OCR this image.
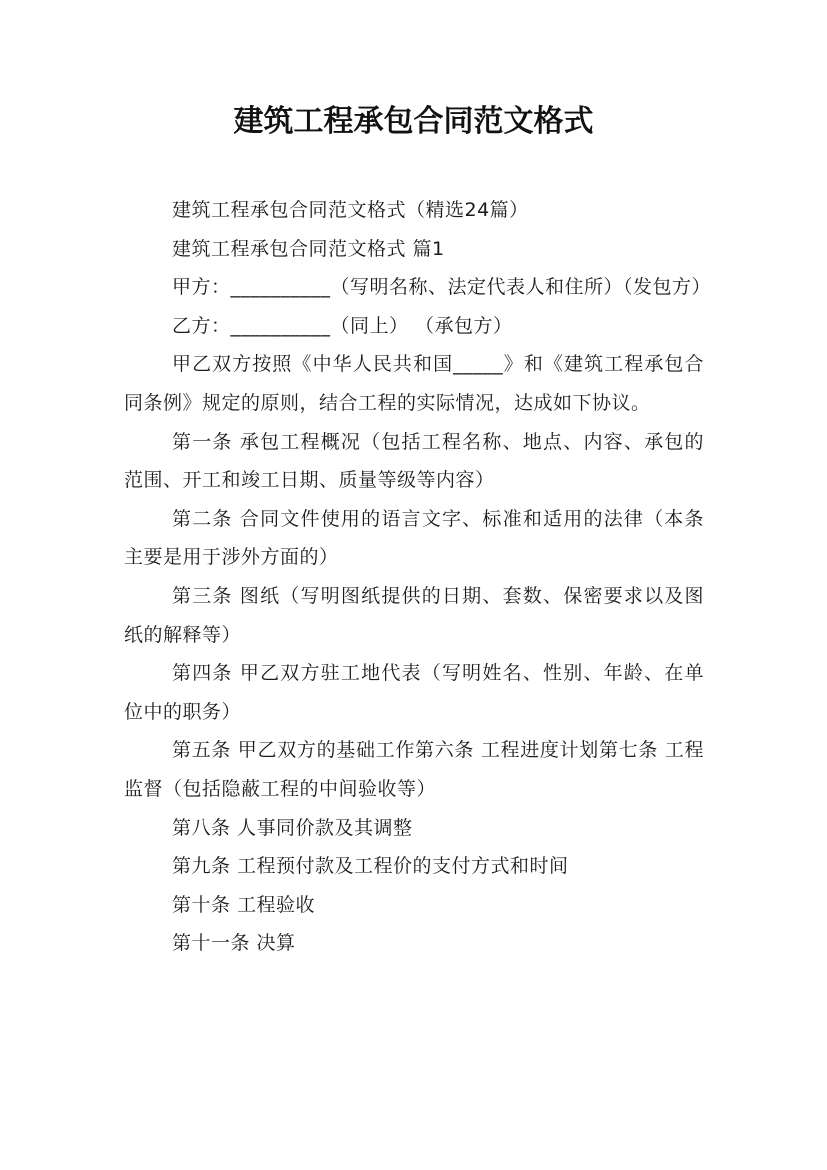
建筑工程承包合同范文格式

建筑工程承包合同范文格式（精选24篇）

建筑工程承包合同范文格式 篇1

甲方：__________（写明名称、法定代表人和住所）（发包方）

乙方：__________（同上） （承包方）

甲乙双方按照《中华人民共和国_____》和《建筑工程承包合同条例》规定的原则，结合工程的实际情况，达成如下协议。

第一条 承包工程概况（包括工程名称、地点、内容、承包的范围、开工和竣工日期、质量等级等内容）

第二条 合同文件使用的语言文字、标准和适用的法律（本条主要是用于涉外方面的）

第三条 图纸（写明图纸提供的日期、套数、保密要求以及图纸的解释等）

第四条 甲乙双方驻工地代表（写明姓名、性别、年龄、在单位中的职务）

第五条 甲乙双方的基础工作第六条 工程进度计划第七条 工程监督（包括隐蔽工程的中间验收等）

第八条 人事同价款及其调整

第九条 工程预付款及工程价的支付方式和时间

第十条 工程验收

第十一条 决算
